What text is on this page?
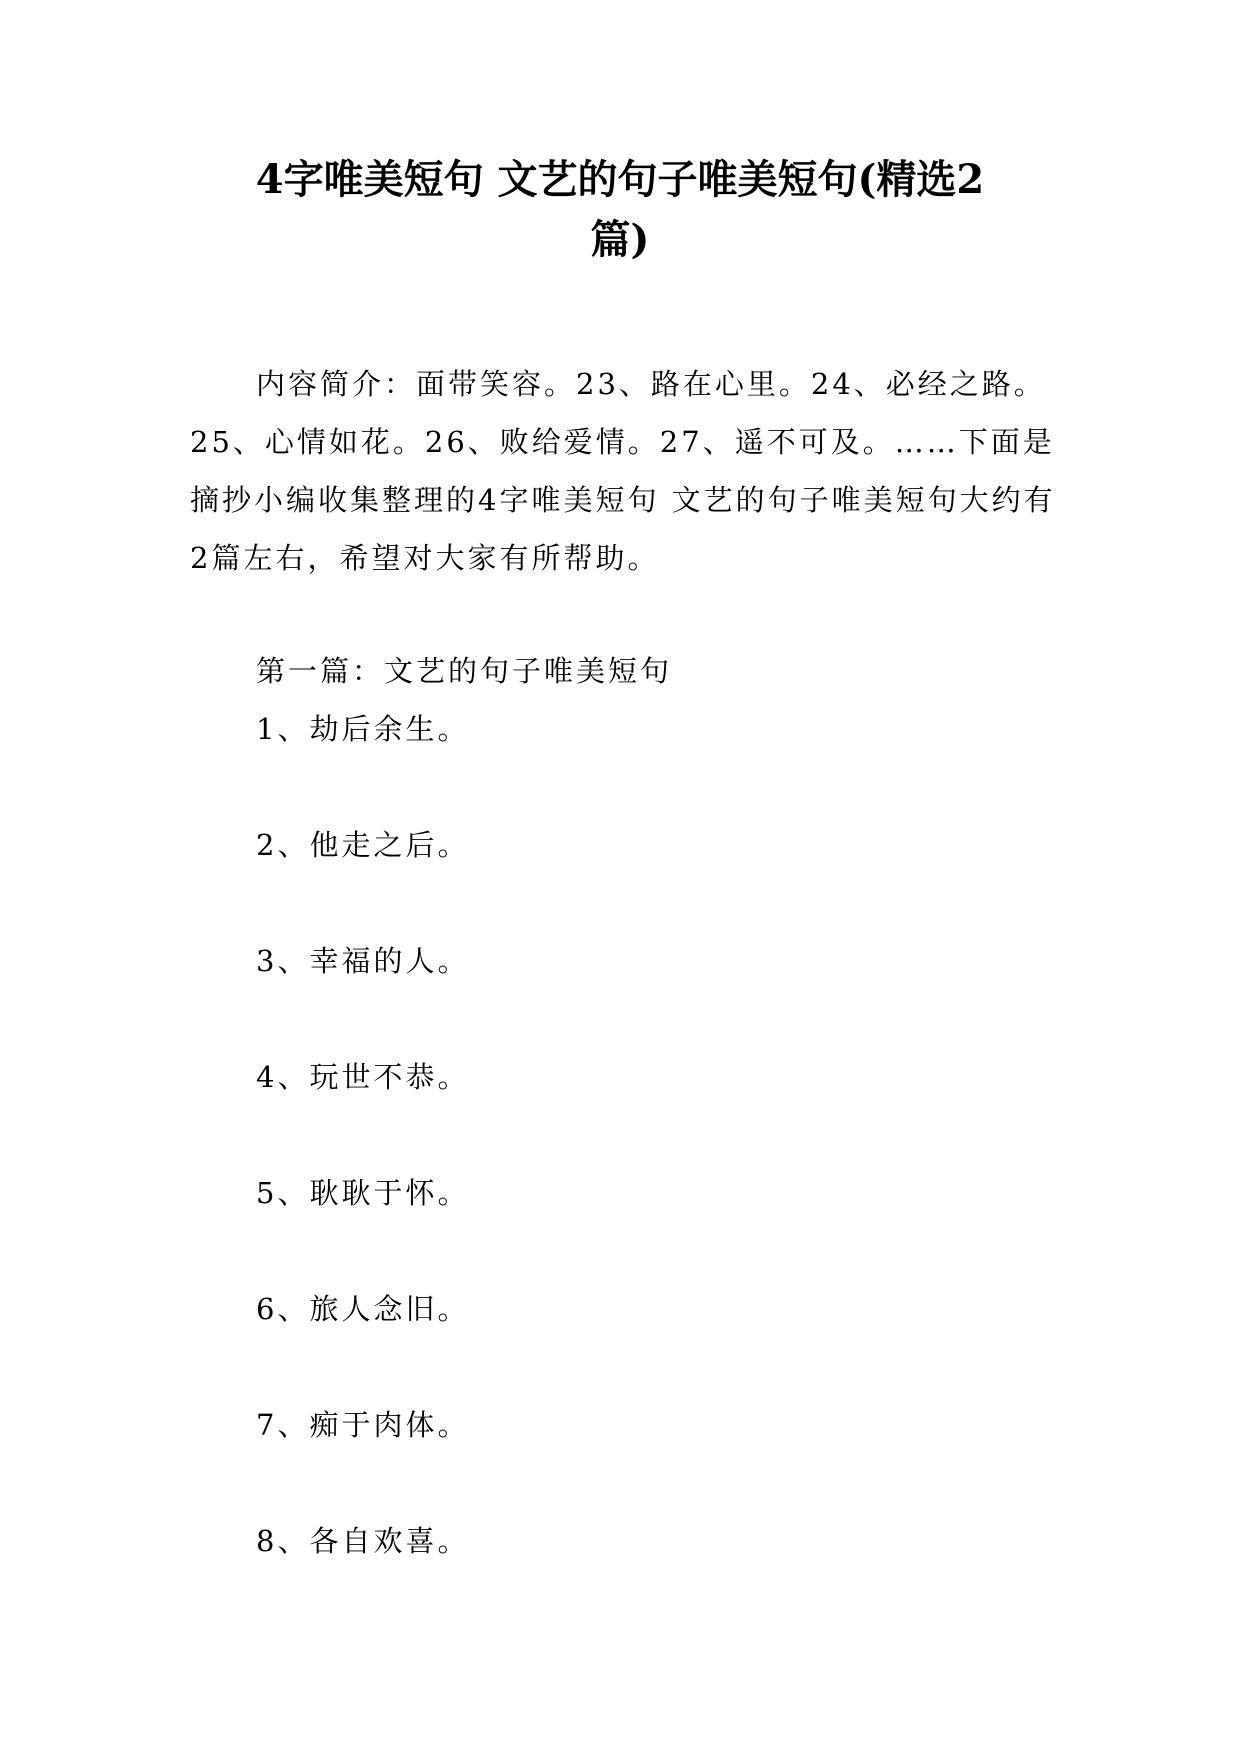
4字唯美短句 文艺的句子唯美短句(精选2
篇)

内容简介：面带笑容。23、路在心里。24、必经之路。25、心情如花。26、败给爱情。27、遥不可及。……下面是摘抄小编收集整理的4字唯美短句 文艺的句子唯美短句大约有2篇左右，希望对大家有所帮助。

第一篇：文艺的句子唯美短句
1、劫后余生。
2、他走之后。
3、幸福的人。
4、玩世不恭。
5、耿耿于怀。
6、旅人念旧。
7、痴于肉体。
8、各自欢喜。
